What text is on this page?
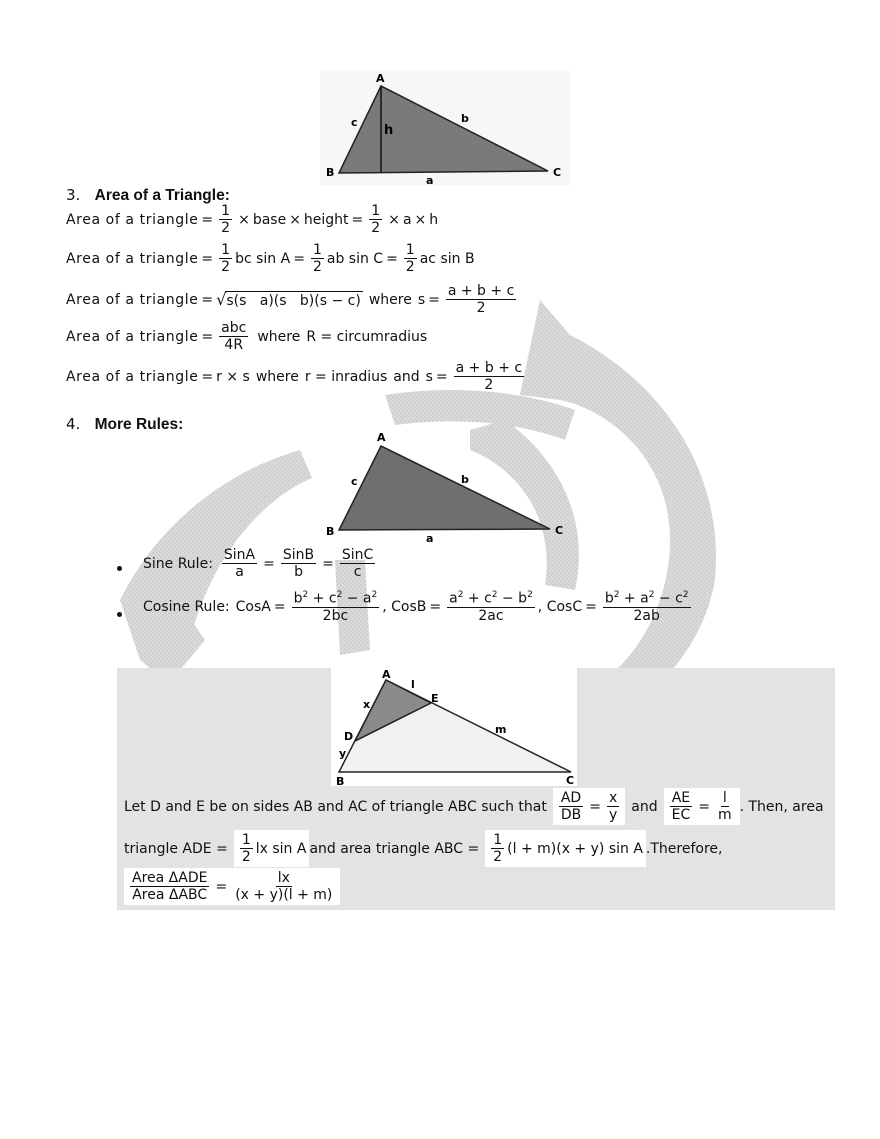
A
B	C
a
b
c
h
3. Area of a Triangle:
Area of a triangle = $\frac{1}{2}$ × base × height = $\frac{1}{2} \times a \times h$
Area of a triangle = $\frac{1}{2}$ bc $\sin A = \frac{1}{2}$ ab $\sin C = \frac{1}{2}$ ac sin B
Area of a triangle = √ s(s   a)(s   b)(s − c) where $s = \frac{a + b + c}{2}$
Area of a triangle = $\frac{\text{abc}}{4R}$ where R = circumradius
Area of a triangle = r × s where r = inradius and $s = \frac{a + b + c}{2}$
4. More Rules:
A
B	C
a
b
c
Sine Rule: $\frac{\text{SinA}}{a} = \frac{\text{SinB}}{b} = \frac{\text{SinC}}{c}$
Cosine Rule: CosA = $\frac{b^2 + c^2 - a^2}{2bc}$ , CosB = $\frac{a^2 + c^2 - b^2}{2ac}$ , CosC = $\frac{b^2 + a^2 - c^2}{2ab}$
A
B	C
D
E
l
m
x
y
Let D and E be on sides AB and AC of triangle ABC such that $\frac{AD}{DB} = \frac{x}{y}$ and $\frac{AE}{EC} = \frac{l}{m}$ . Then, area
triangle ADE = $\frac{1}{2}$ lx sin A and area triangle ABC = $\frac{1}{2} (l + m)(x + y)$ sin A .Therefore,
$\frac{\text{Area ΔADE}}{\text{Area ΔABC}} = \frac{lx}{(x + y)(l + m)}$
